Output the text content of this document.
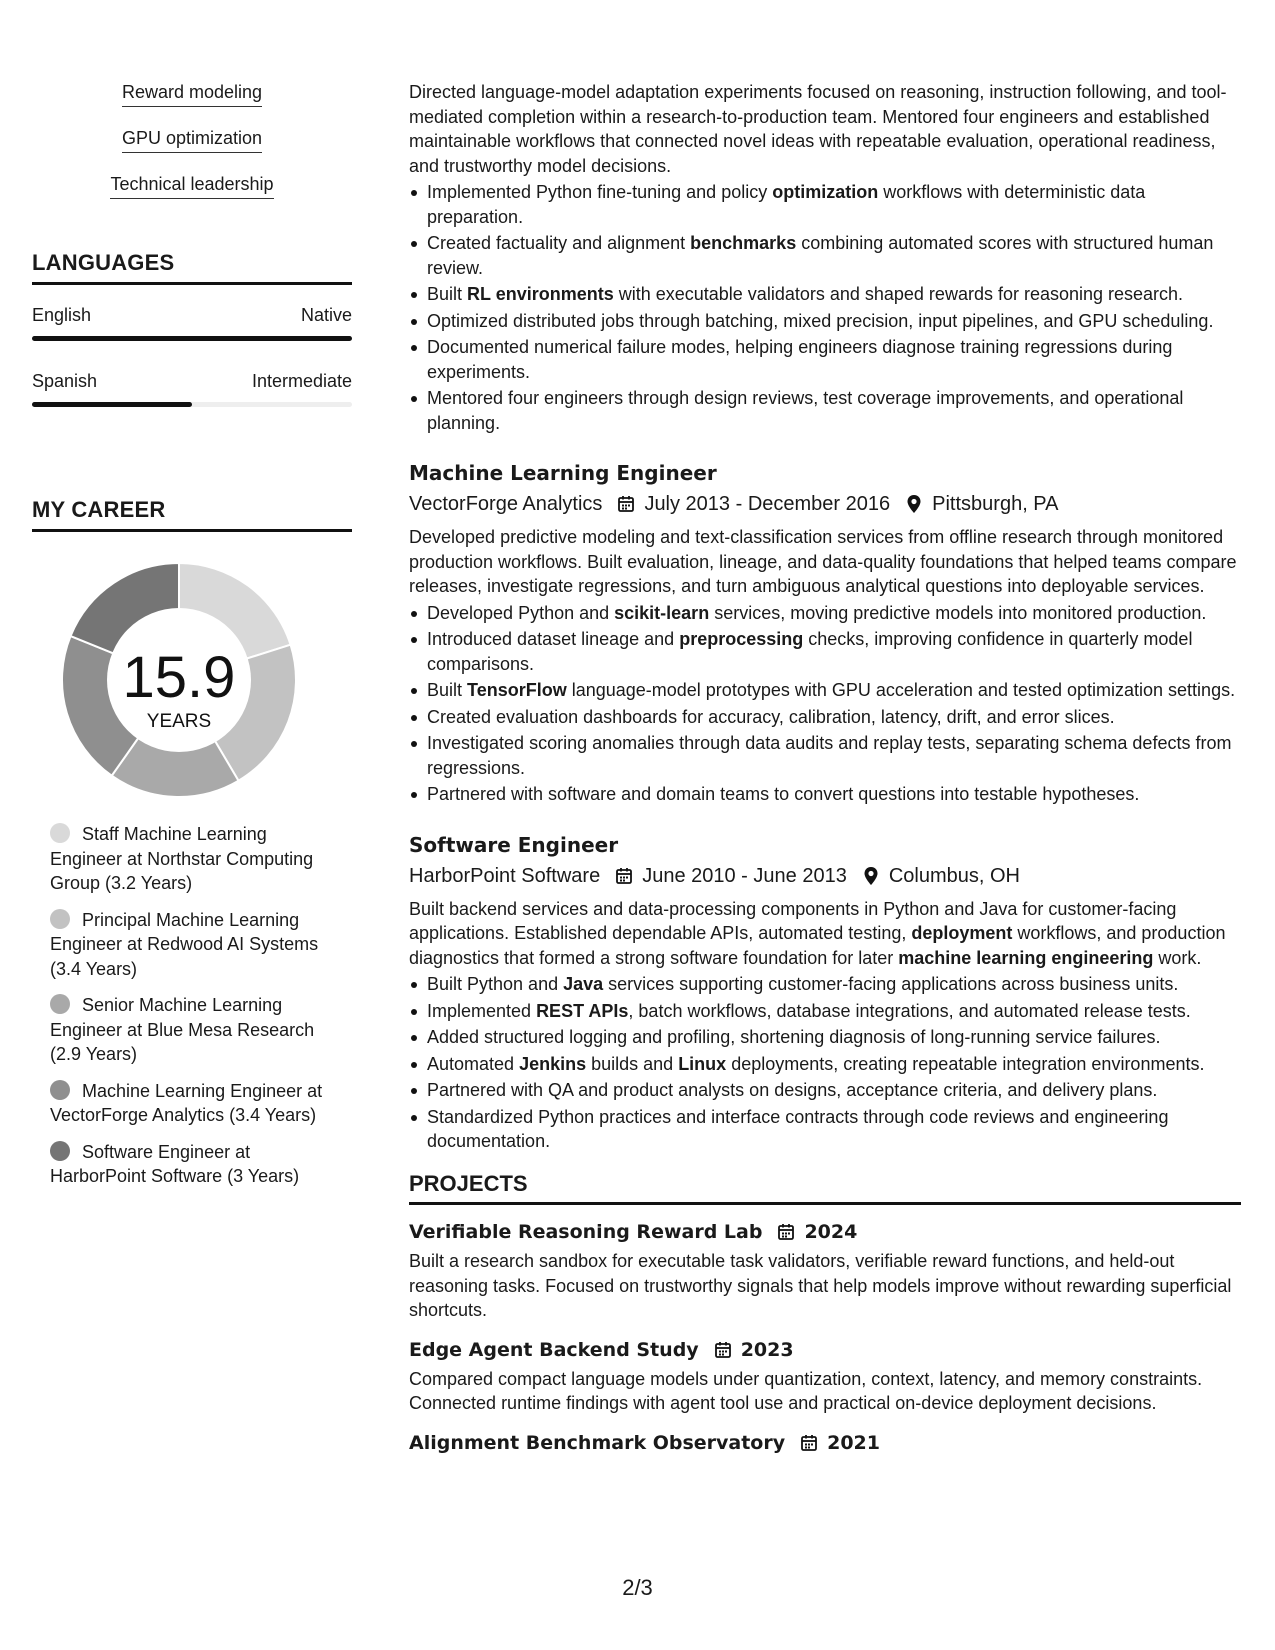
Reward modeling
GPU optimization
Technical leadership
LANGUAGES
English	Native
Spanish	Intermediate
MY CAREER
15.9
YEARS
Staff Machine Learning Engineer at Northstar Computing Group (3.2 Years)
Principal Machine Learning Engineer at Redwood AI Systems (3.4 Years)
Senior Machine Learning Engineer at Blue Mesa Research (2.9 Years)
Machine Learning Engineer at VectorForge Analytics (3.4 Years)
Software Engineer at HarborPoint Software (3 Years)

Directed language-model adaptation experiments focused on reasoning, instruction following, and tool-mediated completion within a research-to-production team. Mentored four engineers and established maintainable workflows that connected novel ideas with repeatable evaluation, operational readiness, and trustworthy model decisions.

Implemented Python fine-tuning and policy optimization workflows with deterministic data preparation.
Created factuality and alignment benchmarks combining automated scores with structured human review.
Built RL environments with executable validators and shaped rewards for reasoning research.
Optimized distributed jobs through batching, mixed precision, input pipelines, and GPU scheduling.
Documented numerical failure modes, helping engineers diagnose training regressions during experiments.
Mentored four engineers through design reviews, test coverage improvements, and operational planning.
Machine Learning Engineer
VectorForge Analytics July 2013 - December 2016 Pittsburgh, PA

Developed predictive modeling and text-classification services from offline research through monitored production workflows. Built evaluation, lineage, and data-quality foundations that helped teams compare releases, investigate regressions, and turn ambiguous analytical questions into deployable services.

Developed Python and scikit-learn services, moving predictive models into monitored production.
Introduced dataset lineage and preprocessing checks, improving confidence in quarterly model comparisons.
Built TensorFlow language-model prototypes with GPU acceleration and tested optimization settings.
Created evaluation dashboards for accuracy, calibration, latency, drift, and error slices.
Investigated scoring anomalies through data audits and replay tests, separating schema defects from regressions.
Partnered with software and domain teams to convert questions into testable hypotheses.
Software Engineer
HarborPoint Software June 2010 - June 2013 Columbus, OH

Built backend services and data-processing components in Python and Java for customer-facing applications. Established dependable APIs, automated testing, deployment workflows, and production diagnostics that formed a strong software foundation for later machine learning engineering work.

Built Python and Java services supporting customer-facing applications across business units.
Implemented REST APIs, batch workflows, database integrations, and automated release tests.
Added structured logging and profiling, shortening diagnosis of long-running service failures.
Automated Jenkins builds and Linux deployments, creating repeatable integration environments.
Partnered with QA and product analysts on designs, acceptance criteria, and delivery plans.
Standardized Python practices and interface contracts through code reviews and engineering documentation.
PROJECTS
Verifiable Reasoning Reward Lab 2024

Built a research sandbox for executable task validators, verifiable reward functions, and held-out reasoning tasks. Focused on trustworthy signals that help models improve without rewarding superficial shortcuts.

Edge Agent Backend Study 2023

Compared compact language models under quantization, context, latency, and memory constraints. Connected runtime findings with agent tool use and practical on-device deployment decisions.

Alignment Benchmark Observatory 2021
2/3
